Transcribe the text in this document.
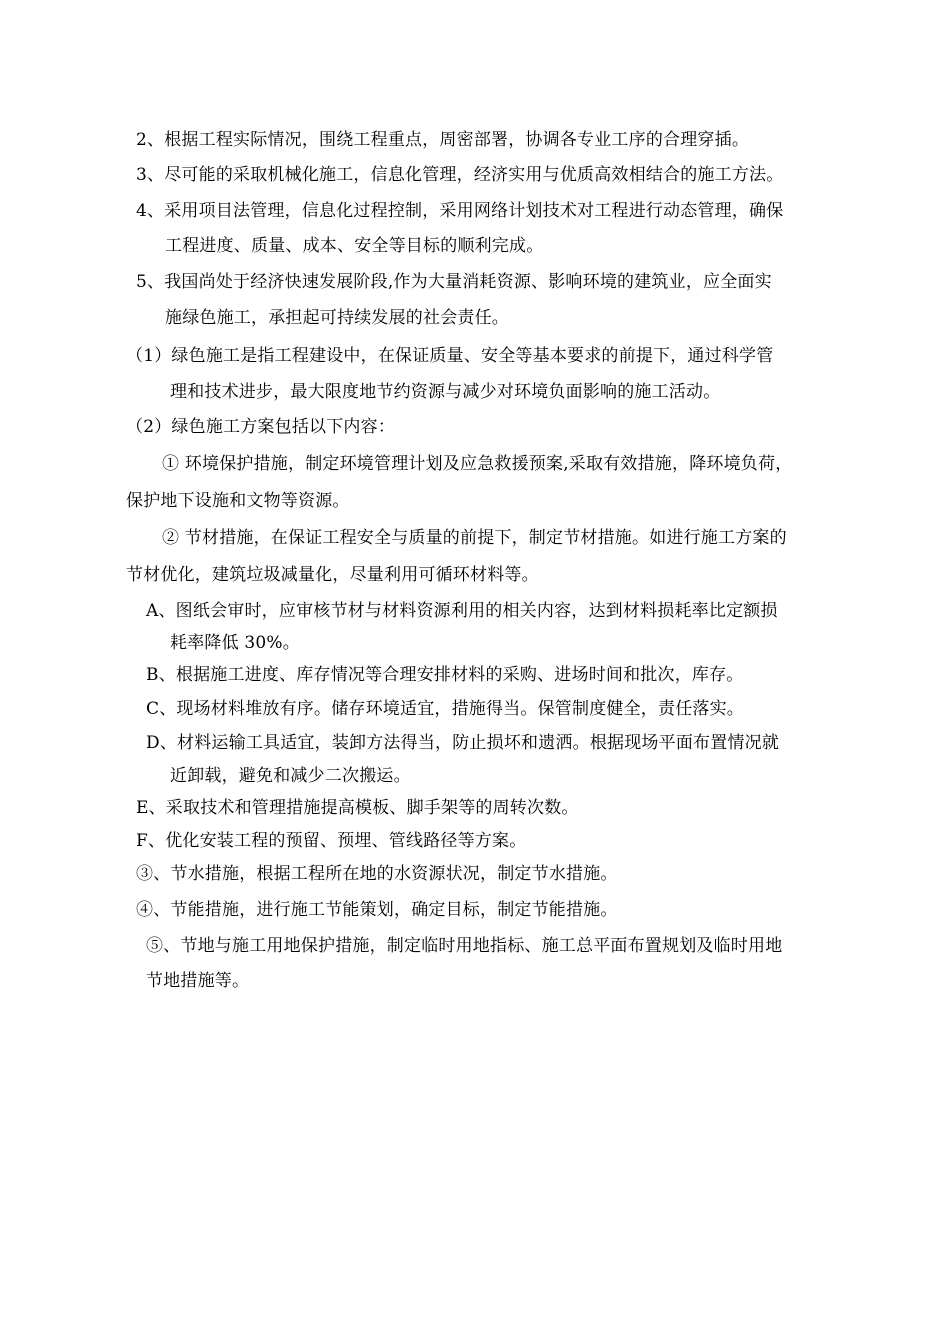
2、根据工程实际情况，围绕工程重点，周密部署，协调各专业工序的合理穿插。
3、尽可能的采取机械化施工，信息化管理，经济实用与优质高效相结合的施工方法。
4、采用项目法管理，信息化过程控制，采用网络计划技术对工程进行动态管理，确保
工程进度、质量、成本、安全等目标的顺利完成。
5、我国尚处于经济快速发展阶段,作为大量消耗资源、影响环境的建筑业，应全面实
施绿色施工，承担起可持续发展的社会责任。
（1）绿色施工是指工程建设中，在保证质量、安全等基本要求的前提下，通过科学管
理和技术进步，最大限度地节约资源与减少对环境负面影响的施工活动。
（2）绿色施工方案包括以下内容：
① 环境保护措施，制定环境管理计划及应急救援预案,采取有效措施，降环境负荷，
保护地下设施和文物等资源。
② 节材措施，在保证工程安全与质量的前提下，制定节材措施。如进行施工方案的
节材优化，建筑垃圾减量化，尽量利用可循环材料等。
A、图纸会审时，应审核节材与材料资源利用的相关内容，达到材料损耗率比定额损
耗率降低 30%。
B、根据施工进度、库存情况等合理安排材料的采购、进场时间和批次，库存。
C、现场材料堆放有序。储存环境适宜，措施得当。保管制度健全，责任落实。
D、材料运输工具适宜，装卸方法得当，防止损坏和遗洒。根据现场平面布置情况就
近卸载，避免和减少二次搬运。
E、采取技术和管理措施提高模板、脚手架等的周转次数。
F、优化安装工程的预留、预埋、管线路径等方案。
③、节水措施，根据工程所在地的水资源状况，制定节水措施。
④、节能措施，进行施工节能策划，确定目标，制定节能措施。
⑤、节地与施工用地保护措施，制定临时用地指标、施工总平面布置规划及临时用地
节地措施等。
